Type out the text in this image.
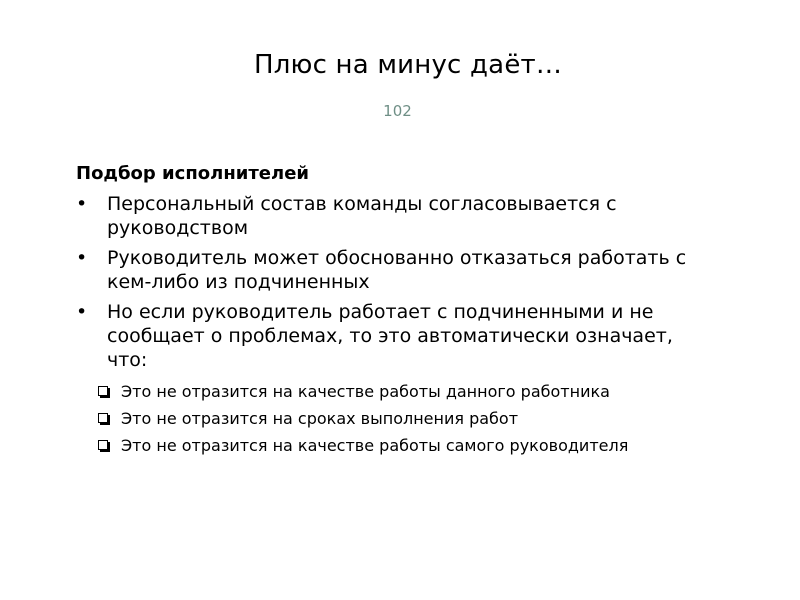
Плюс на минус даёт…
102
Подбор исполнителей
•	Персональный состав команды согласовывается с руководством
•	Руководитель может обоснованно отказаться работать с кем-либо из подчиненных
•	Но если руководитель работает с подчиненными и не сообщает о проблемах, то это автоматически означает, что:
Это не отразится на качестве работы данного работника
Это не отразится на сроках выполнения работ
Это не отразится на качестве работы самого руководителя
